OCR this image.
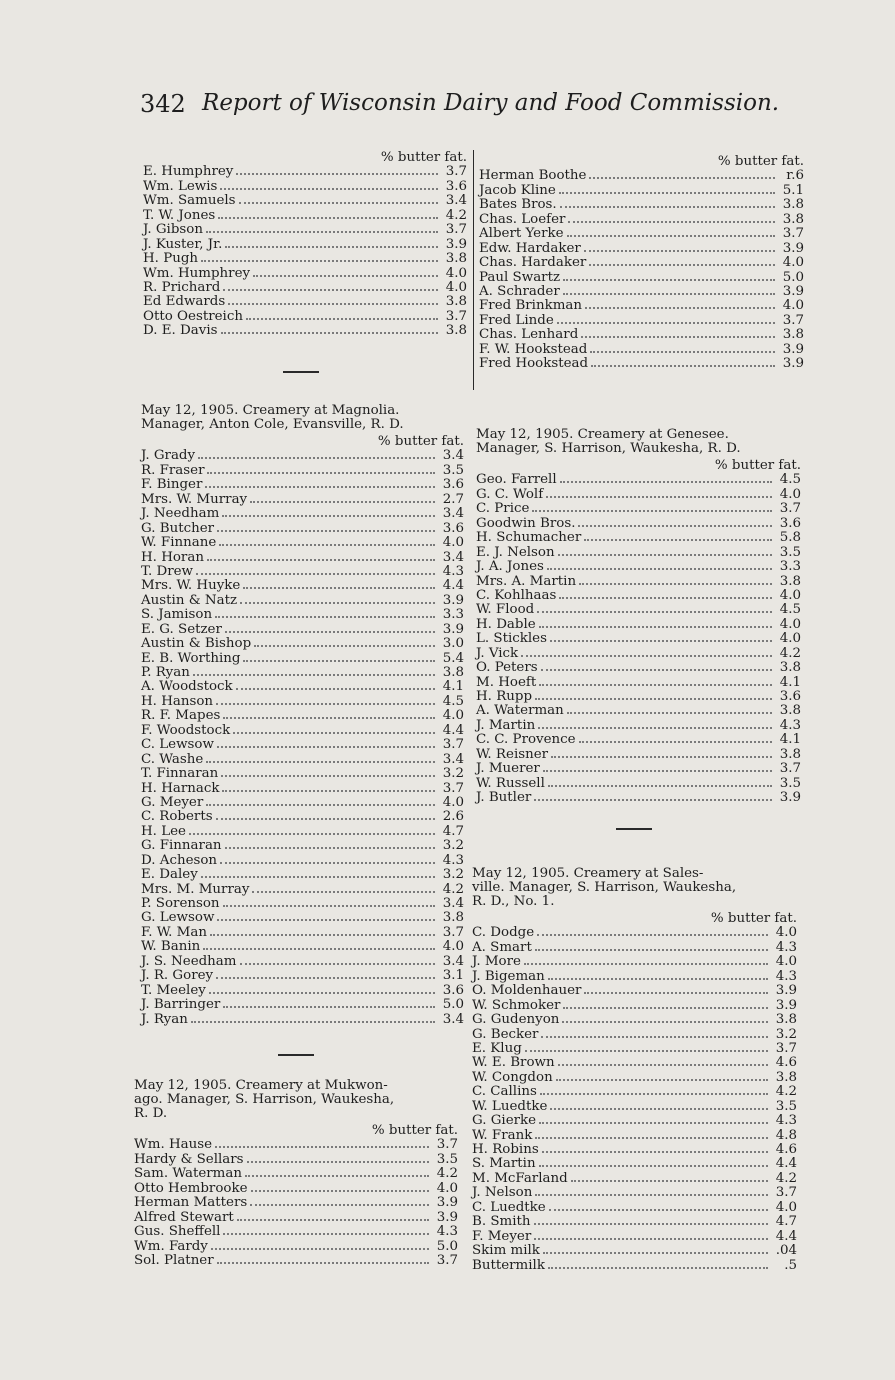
342 Report of Wisconsin Dairy and Food Commission.
% butter fat.
E. Humphrey	3.7
Wm. Lewis	3.6
Wm. Samuels	3.4
T. W. Jones	4.2
J. Gibson	3.7
J. Kuster, Jr.	3.9
H. Pugh	3.8
Wm. Humphrey	4.0
R. Prichard	4.0
Ed Edwards	3.8
Otto Oestreich	3.7
D. E. Davis	3.8
May 12, 1905. Creamery at Magnolia.
Manager, Anton Cole, Evansville, R. D.
% butter fat.
J. Grady	3.4
R. Fraser	3.5
F. Binger	3.6
Mrs. W. Murray	2.7
J. Needham	3.4
G. Butcher	3.6
W. Finnane	4.0
H. Horan	3.4
T. Drew	4.3
Mrs. W. Huyke	4.4
Austin & Natz	3.9
S. Jamison	3.3
E. G. Setzer	3.9
Austin & Bishop	3.0
E. B. Worthing	5.4
P. Ryan	3.8
A. Woodstock	4.1
H. Hanson	4.5
R. F. Mapes	4.0
F. Woodstock	4.4
C. Lewsow	3.7
C. Washe	3.4
T. Finnaran	3.2
H. Harnack	3.7
G. Meyer	4.0
C. Roberts	2.6
H. Lee	4.7
G. Finnaran	3.2
D. Acheson	4.3
E. Daley	3.2
Mrs. M. Murray	4.2
P. Sorenson	3.4
G. Lewsow	3.8
F. W. Man	3.7
W. Banin	4.0
J. S. Needham	3.4
J. R. Gorey	3.1
T. Meeley	3.6
J. Barringer	5.0
J. Ryan	3.4
May 12, 1905. Creamery at Mukwon-
ago. Manager, S. Harrison, Waukesha,
R. D.
% butter fat.
Wm. Hause	3.7
Hardy & Sellars	3.5
Sam. Waterman	4.2
Otto Hembrooke	4.0
Herman Matters	3.9
Alfred Stewart	3.9
Gus. Sheffell	4.3
Wm. Fardy	5.0
Sol. Platner	3.7
% butter fat.
Herman Boothe	r.6
Jacob Kline	5.1
Bates Bros.	3.8
Chas. Loefer	3.8
Albert Yerke	3.7
Edw. Hardaker	3.9
Chas. Hardaker	4.0
Paul Swartz	5.0
A. Schrader	3.9
Fred Brinkman	4.0
Fred Linde	3.7
Chas. Lenhard	3.8
F. W. Hookstead	3.9
Fred Hookstead	3.9
May 12, 1905. Creamery at Genesee.
Manager, S. Harrison, Waukesha, R. D.
% butter fat.
Geo. Farrell	4.5
G. C. Wolf	4.0
C. Price	3.7
Goodwin Bros.	3.6
H. Schumacher	5.8
E. J. Nelson	3.5
J. A. Jones	3.3
Mrs. A. Martin	3.8
C. Kohlhaas	4.0
W. Flood	4.5
H. Dable	4.0
L. Stickles	4.0
J. Vick	4.2
O. Peters	3.8
M. Hoeft	4.1
H. Rupp	3.6
A. Waterman	3.8
J. Martin	4.3
C. C. Provence	4.1
W. Reisner	3.8
J. Muerer	3.7
W. Russell	3.5
J. Butler	3.9
May 12, 1905. Creamery at Sales-
ville. Manager, S. Harrison, Waukesha,
R. D., No. 1.
% butter fat.
C. Dodge	4.0
A. Smart	4.3
J. More	4.0
J. Bigeman	4.3
O. Moldenhauer	3.9
W. Schmoker	3.9
G. Gudenyon	3.8
G. Becker	3.2
E. Klug	3.7
W. E. Brown	4.6
W. Congdon	3.8
C. Callins	4.2
W. Luedtke	3.5
G. Gierke	4.3
W. Frank	4.8
H. Robins	4.6
S. Martin	4.4
M. McFarland	4.2
J. Nelson	3.7
C. Luedtke	4.0
B. Smith	4.7
F. Meyer	4.4
Skim milk	.04
Buttermilk	.5
